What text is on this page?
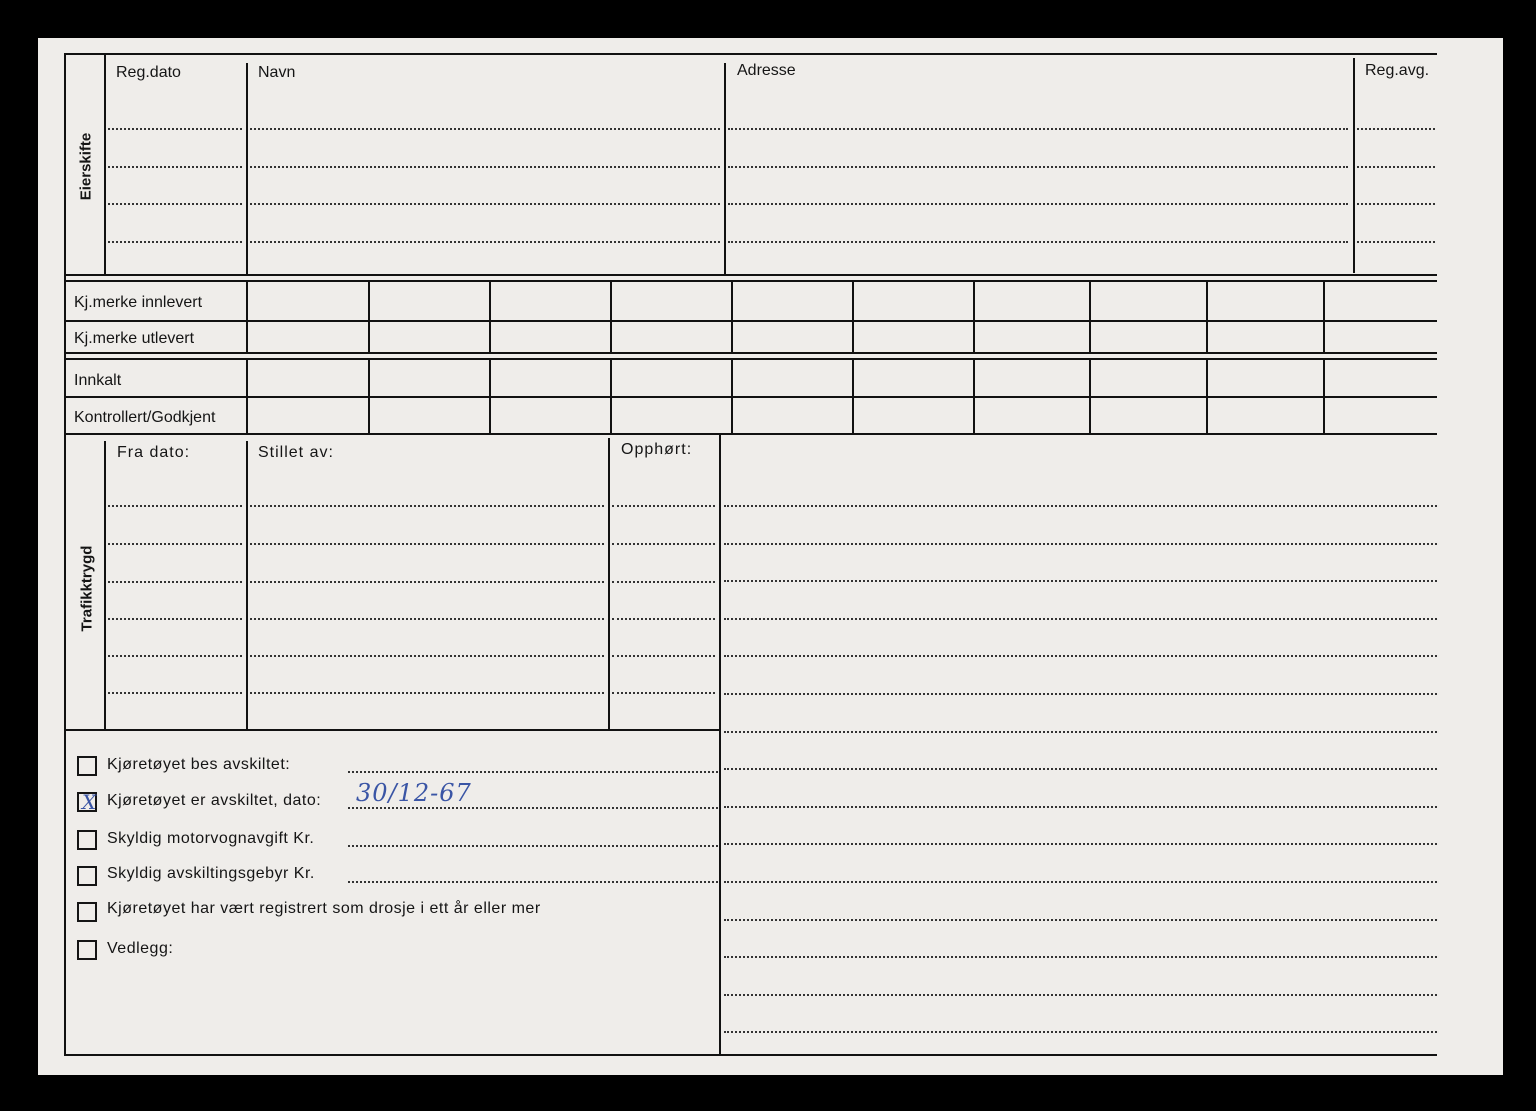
Eierskifte
Reg.dato	Navn	Adresse	Reg.avg.
Kj.merke innlevert
Kj.merke utlevert
Innkalt
Kontrollert/Godkjent
Trafikktrygd
Fra dato:	Stillet av:	Opphørt:
Kjøretøyet bes avskiltet:
X Kjøretøyet er avskiltet, dato: 30/12-67
Skyldig motorvognavgift Kr.
Skyldig avskiltingsgebyr Kr.
Kjøretøyet har vært registrert som drosje i ett år eller mer
Vedlegg:
